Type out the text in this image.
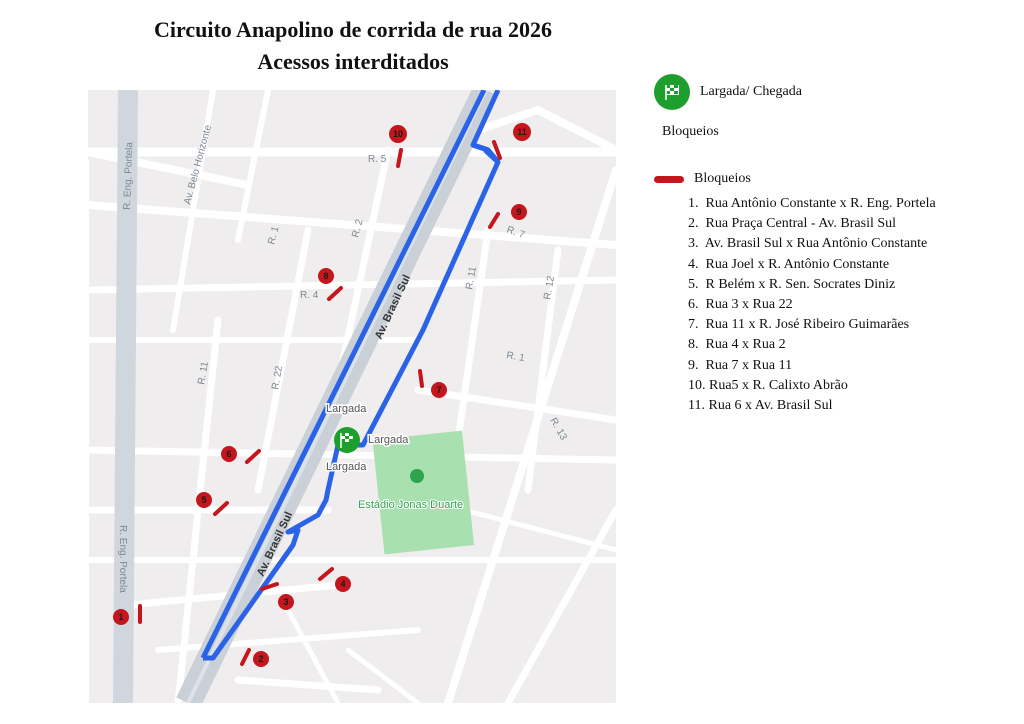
Circuito Anapolino de corrida de rua 2026
Acessos interditados
R. Eng. Portela
R. Eng. Portela
Av. Belo Horizonte	R. 5
R. 1	R. 2	R. 7
R. 11
R. 11	R. 12
R. 4
R. 22
R. 1
R. 13
Av. Brasil Sul
Av. Brasil Sul
Largada
Largada
Largada
Estádio Jonas Duarte
1
2
3
4
5
6
7
8
9
10	11
Largada/ Chegada
Bloqueios
Bloqueios
1. Rua Antônio Constante x R. Eng. Portela
2. Rua Praça Central - Av. Brasil Sul
3. Av. Brasil Sul x Rua Antônio Constante
4. Rua Joel x R. Antônio Constante
5. R Belém x R. Sen. Socrates Diniz
6. Rua 3 x Rua 22
7. Rua 11 x R. José Ribeiro Guimarães
8. Rua 4 x Rua 2
9. Rua 7 x Rua 11
10. Rua5 x R. Calixto Abrão
11. Rua 6 x Av. Brasil Sul
